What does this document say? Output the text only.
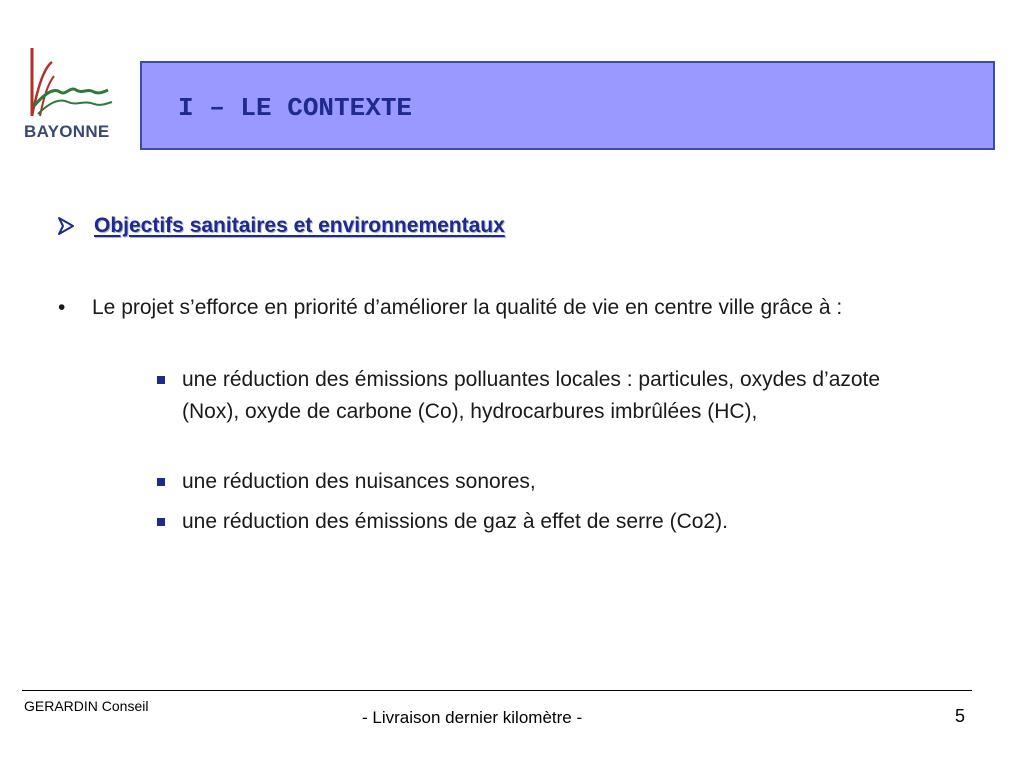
BAYONNE
I – LE CONTEXTE
Objectifs sanitaires et environnementaux
• Le projet s’efforce en priorité d’améliorer la qualité de vie en centre ville grâce à :
une réduction des émissions polluantes locales : particules, oxydes d’azote (Nox), oxyde de carbone (Co), hydrocarbures imbrûlées (HC),
une réduction des nuisances sonores,
une réduction des émissions de gaz à effet de serre (Co2).
GERARDIN Conseil
- Livraison dernier kilomètre -	5
